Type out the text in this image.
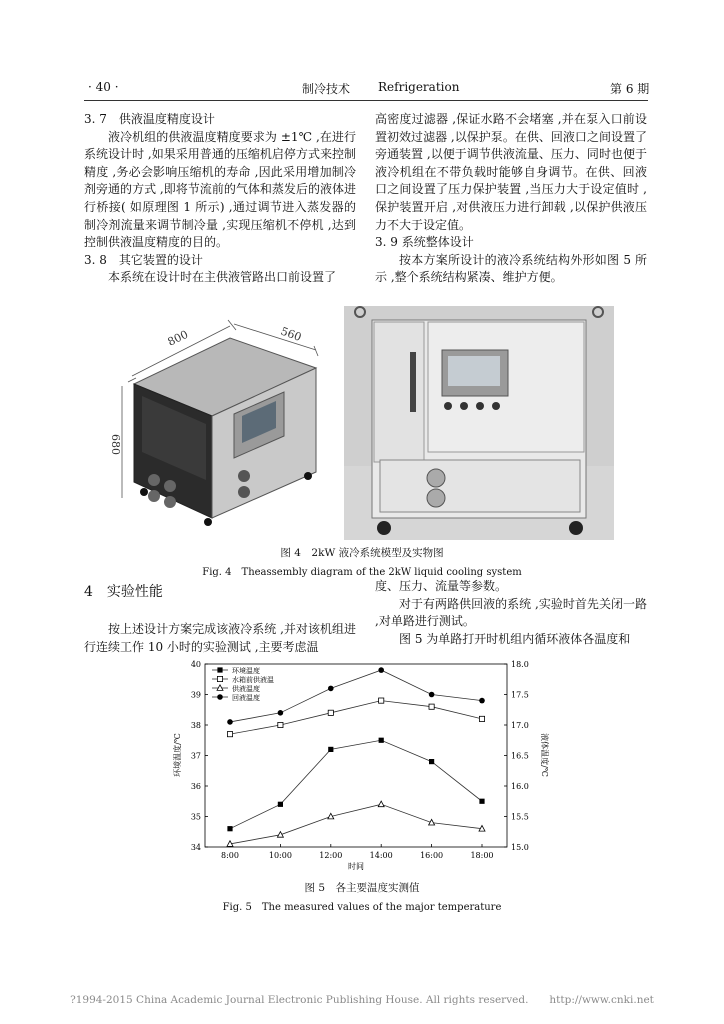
· 40 ·	制冷技术 Refrigeration	第 6 期

3. 7　供液温度精度设计

液冷机组的供液温度精度要求为 ±1℃ ,在进行系统设计时 ,如果采用普通的压缩机启停方式来控制精度 ,务必会影响压缩机的寿命 ,因此采用增加制冷剂旁通的方式 ,即将节流前的气体和蒸发后的液体进行桥接( 如原理图 1 所示) ,通过调节进入蒸发器的制冷剂流量来调节制冷量 ,实现压缩机不停机 ,达到控制供液温度精度的目的。

3. 8　其它装置的设计

本系统在设计时在主供液管路出口前设置了

高密度过滤器 ,保证水路不会堵塞 ,并在泵入口前设置初效过滤器 ,以保护泵。在供、回液口之间设置了旁通装置 ,以便于调节供液流量、压力、同时也便于液冷机组在不带负载时能够自身调节。在供、回液口之间设置了压力保护装置 ,当压力大于设定值时 ,保护装置开启 ,对供液压力进行卸载 ,以保护供液压力不大于设定值。

3. 9 系统整体设计

按本方案所设计的液冷系统结构外形如图 5 所示 ,整个系统结构紧凑、维护方便。

800	560
680
图 4　2kW 液冷系统模型及实物图
Fig. 4　Theassembly diagram of the 2kW liquid cooling system
4　实验性能

按上述设计方案完成该液冷系统 ,并对该机组进行连续工作 10 小时的实验测试 ,主要考虑温

度、压力、流量等参数。

对于有两路供回液的系统 ,实验时首先关闭一路 ,对单路进行测试。

图 5 为单路打开时机组内循环液体各温度和

环境温度/℃	液体温度/℃
时间
8:00	10:00	12:00	14:00	16:00	18:00
34
35
36
37
38
39
40
15.0
15.5
16.0
16.5
17.0
17.5
18.0
环境温度
水箱前供液温
供液温度
回液温度
图 5　各主要温度实测值
Fig. 5　The measured values of the major temperature
?1994-2015 China Academic Journal Electronic Publishing House. All rights reserved.　　http://www.cnki.net
